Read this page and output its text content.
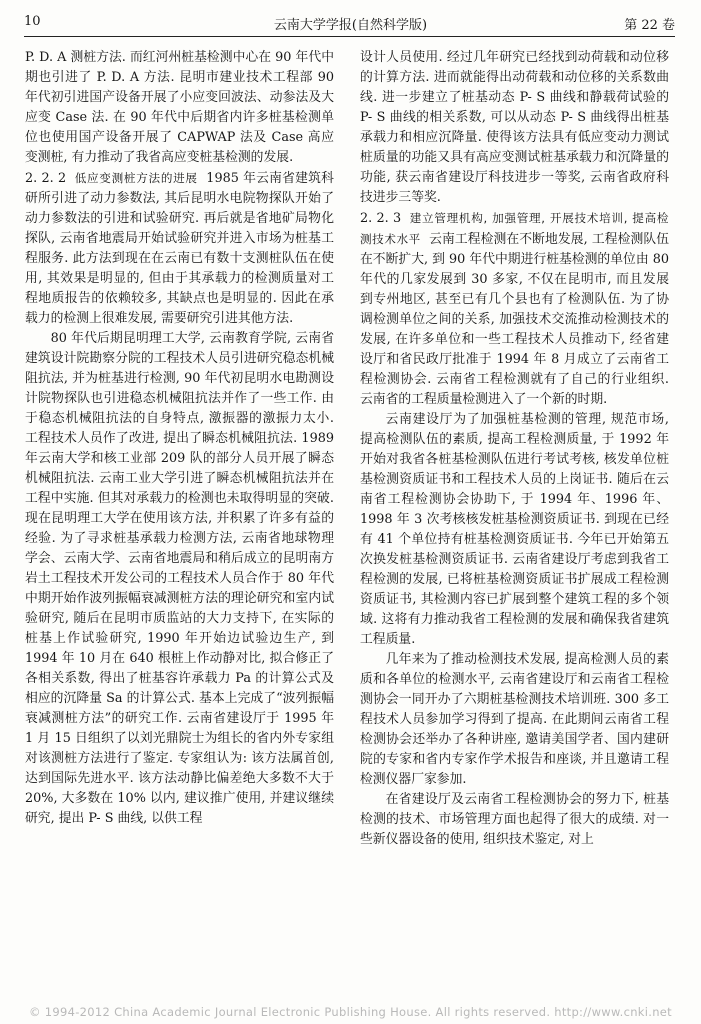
10	云南大学学报(自然科学版)	第 22 卷

P. D. A 测桩方法. 而红河州桩基检测中心在 90 年代中期也引进了 P. D. A 方法. 昆明市建业技术工程部 90 年代初引进国产设备开展了小应变回波法、动参法及大应变 Case 法. 在 90 年代中后期省内许多桩基检测单位也使用国产设备开展了 CAPWAP 法及 Case 高应变测桩, 有力推动了我省高应变桩基检测的发展.

2. 2. 2 低应变测桩方法的进展 1985 年云南省建筑科研所引进了动力参数法, 其后昆明水电院物探队开始了动力参数法的引进和试验研究. 再后就是省地矿局物化探队, 云南省地震局开始试验研究并进入市场为桩基工程服务. 此方法到现在在云南已有数十支测桩队伍在使用, 其效果是明显的, 但由于其承载力的检测质量对工程地质报告的依赖较多, 其缺点也是明显的. 因此在承载力的检测上很难发展, 需要研究引进其他方法.

80 年代后期昆明理工大学, 云南教育学院, 云南省建筑设计院勘察分院的工程技术人员引进研究稳态机械阻抗法, 并为桩基进行检测, 90 年代初昆明水电勘测设计院物探队也引进稳态机械阻抗法并作了一些工作. 由于稳态机械阻抗法的自身特点, 激振器的激振力太小. 工程技术人员作了改进, 提出了瞬态机械阻抗法. 1989 年云南大学和核工业部 209 队的部分人员开展了瞬态机械阻抗法. 云南工业大学引进了瞬态机械阻抗法并在工程中实施. 但其对承载力的检测也未取得明显的突破. 现在昆明理工大学在使用该方法, 并积累了许多有益的经验. 为了寻求桩基承载力检测方法, 云南省地球物理学会、云南大学、云南省地震局和稍后成立的昆明南方岩土工程技术开发公司的工程技术人员合作于 80 年代中期开始作波列振幅衰减测桩方法的理论研究和室内试验研究, 随后在昆明市质监站的大力支持下, 在实际的桩基上作试验研究, 1990 年开始边试验边生产, 到 1994 年 10 月在 640 根桩上作动静对比, 拟合修正了各相关系数, 得出了桩基容许承载力 Pa 的计算公式及相应的沉降量 Sa 的计算公式. 基本上完成了“波列振幅衰减测桩方法”的研究工作. 云南省建设厅于 1995 年 1 月 15 日组织了以刘光鼎院士为组长的省内外专家组对该测桩方法进行了鉴定. 专家组认为: 该方法属首创, 达到国际先进水平. 该方法动静比偏差绝大多数不大于 20%, 大多数在 10% 以内, 建议推广使用, 并建议继续研究, 提出 P- S 曲线, 以供工程

设计人员使用. 经过几年研究已经找到动荷载和动位移的计算方法. 进而就能得出动荷载和动位移的关系数曲线. 进一步建立了桩基动态 P- S 曲线和静载荷试验的 P- S 曲线的相关系数, 可以从动态 P- S 曲线得出桩基承载力和相应沉降量. 使得该方法具有低应变动力测试桩质量的功能又具有高应变测试桩基承载力和沉降量的功能, 获云南省建设厅科技进步一等奖, 云南省政府科技进步三等奖.

2. 2. 3 建立管理机构, 加强管理, 开展技术培训, 提高检测技术水平 云南工程检测在不断地发展, 工程检测队伍在不断扩大, 到 90 年代中期进行桩基检测的单位由 80 年代的几家发展到 30 多家, 不仅在昆明市, 而且发展到专州地区, 甚至已有几个县也有了检测队伍. 为了协调检测单位之间的关系, 加强技术交流推动检测技术的发展, 在许多单位和一些工程技术人员推动下, 经省建设厅和省民政厅批准于 1994 年 8 月成立了云南省工程检测协会. 云南省工程检测就有了自己的行业组织. 云南省的工程质量检测进入了一个新的时期.

云南建设厅为了加强桩基检测的管理, 规范市场, 提高检测队伍的素质, 提高工程检测质量, 于 1992 年开始对我省各桩基检测队伍进行考试考核, 核发单位桩基检测资质证书和工程技术人员的上岗证书. 随后在云南省工程检测协会协助下, 于 1994 年、1996 年、1998 年 3 次考核核发桩基检测资质证书. 到现在已经有 41 个单位持有桩基检测资质证书. 今年已开始第五次换发桩基检测资质证书. 云南省建设厅考虑到我省工程检测的发展, 已将桩基检测资质证书扩展成工程检测资质证书, 其检测内容已扩展到整个建筑工程的多个领域. 这将有力推动我省工程检测的发展和确保我省建筑工程质量.

几年来为了推动检测技术发展, 提高检测人员的素质和各单位的检测水平, 云南省建设厅和云南省工程检测协会一同开办了六期桩基检测技术培训班. 300 多工程技术人员参加学习得到了提高. 在此期间云南省工程检测协会还举办了各种讲座, 邀请美国学者、国内建研院的专家和省内专家作学术报告和座谈, 并且邀请工程检测仪器厂家参加.

在省建设厅及云南省工程检测协会的努力下, 桩基检测的技术、市场管理方面也起得了很大的成绩. 对一些新仪器设备的使用, 组织技术鉴定, 对上

© 1994-2012 China Academic Journal Electronic Publishing House. All rights reserved. http://www.cnki.net
